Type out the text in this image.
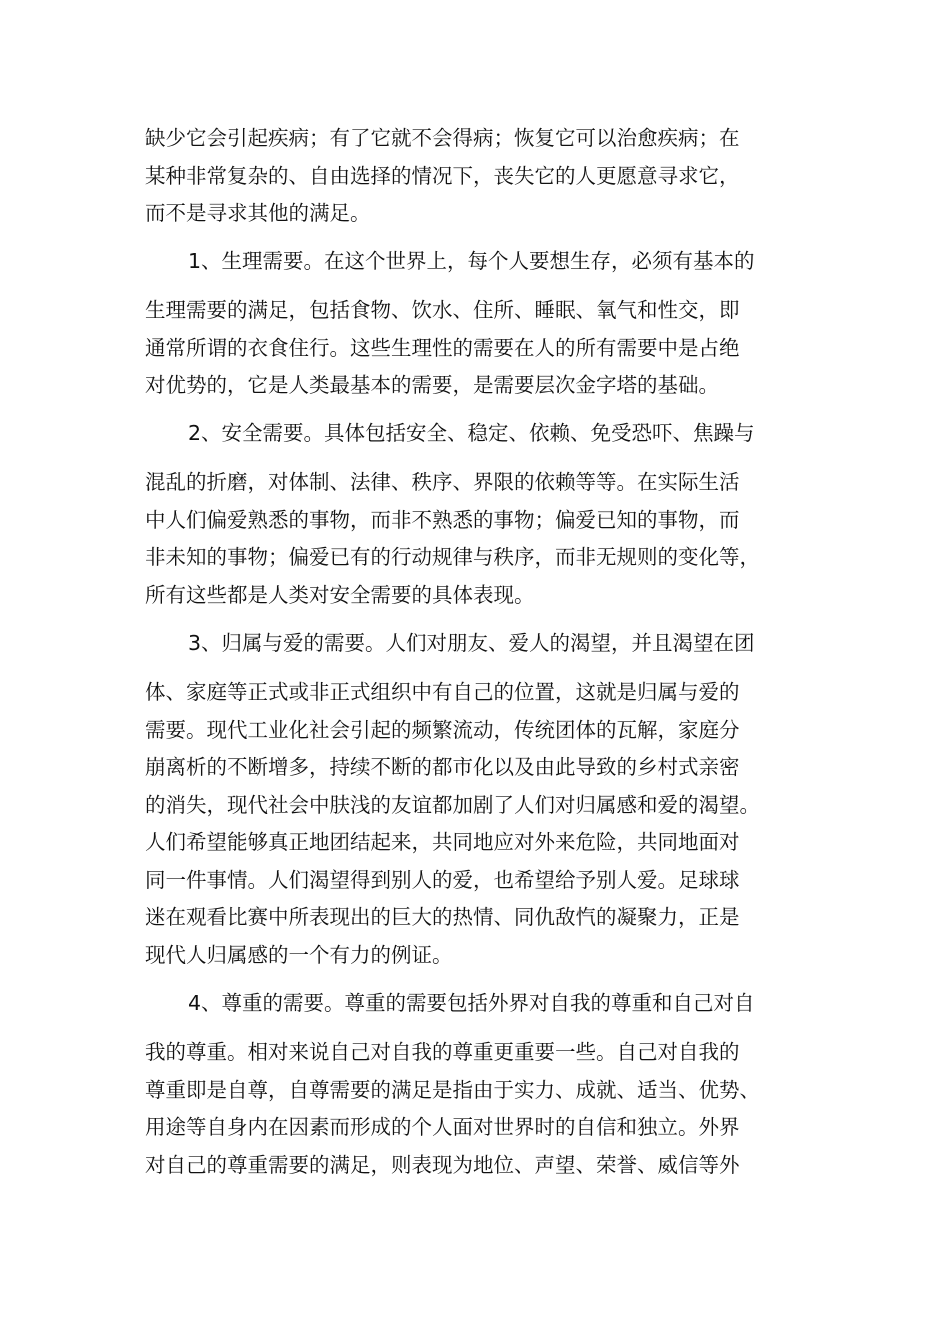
缺少它会引起疾病；有了它就不会得病；恢复它可以治愈疾病；在

某种非常复杂的、自由选择的情况下，丧失它的人更愿意寻求它，

而不是寻求其他的满足。

1、生理需要。在这个世界上，每个人要想生存，必须有基本的

生理需要的满足，包括食物、饮水、住所、睡眠、氧气和性交，即

通常所谓的衣食住行。这些生理性的需要在人的所有需要中是占绝

对优势的，它是人类最基本的需要，是需要层次金字塔的基础。

2、安全需要。具体包括安全、稳定、依赖、免受恐吓、焦躁与

混乱的折磨，对体制、法律、秩序、界限的依赖等等。在实际生活

中人们偏爱熟悉的事物，而非不熟悉的事物；偏爱已知的事物，而

非未知的事物；偏爱已有的行动规律与秩序，而非无规则的变化等，

所有这些都是人类对安全需要的具体表现。

3、归属与爱的需要。人们对朋友、爱人的渴望，并且渴望在团

体、家庭等正式或非正式组织中有自己的位置，这就是归属与爱的

需要。现代工业化社会引起的频繁流动，传统团体的瓦解，家庭分

崩离析的不断增多，持续不断的都市化以及由此导致的乡村式亲密

的消失，现代社会中肤浅的友谊都加剧了人们对归属感和爱的渴望。

人们希望能够真正地团结起来，共同地应对外来危险，共同地面对

同一件事情。人们渴望得到别人的爱，也希望给予别人爱。足球球

迷在观看比赛中所表现出的巨大的热情、同仇敌忾的凝聚力，正是

现代人归属感的一个有力的例证。

4、尊重的需要。尊重的需要包括外界对自我的尊重和自己对自

我的尊重。相对来说自己对自我的尊重更重要一些。自己对自我的

尊重即是自尊，自尊需要的满足是指由于实力、成就、适当、优势、

用途等自身内在因素而形成的个人面对世界时的自信和独立。外界

对自己的尊重需要的满足，则表现为地位、声望、荣誉、威信等外
